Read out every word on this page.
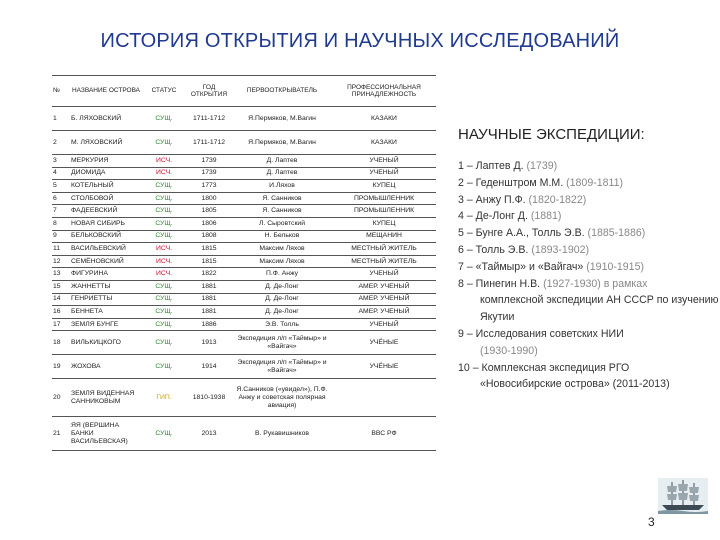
ИСТОРИЯ ОТКРЫТИЯ И НАУЧНЫХ ИССЛЕДОВАНИЙ
№	НАЗВАНИЕ ОСТРОВА	СТАТУС	ГОД ОТКРЫТИЯ	ПЕРВООТКРЫВАТЕЛЬ	ПРОФЕССИОНАЛЬНАЯ ПРИНАДЛЕЖНОСТЬ
1	Б. ЛЯХОВСКИЙ	СУЩ.	1711-1712	Я.Пермяков, М.Вагин	КАЗАКИ
2	М. ЛЯХОВСКИЙ	СУЩ.	1711-1712	Я.Пермяков, М.Вагин	КАЗАКИ
3	МЕРКУРИЯ	ИСЧ.	1739	Д. Лаптев	УЧЕНЫЙ
4	ДИОМИДА	ИСЧ.	1739	Д. Лаптев	УЧЕНЫЙ
5	КОТЕЛЬНЫЙ	СУЩ.	1773	И.Ляхов	КУПЕЦ
6	СТОЛБОВОЙ	СУЩ.	1800	Я. Санников	ПРОМЫШЛЕННИК
7	ФАДЕЕВСКИЙ	СУЩ.	1805	Я. Санников	ПРОМЫШЛЕННИК
8	НОВАЯ СИБИРЬ	СУЩ.	1806	Л. Сыровтский	КУПЕЦ
9	БЕЛЬКОВСКИЙ	СУЩ.	1808	Н. Бельков	МЕЩАНИН
11	ВАСИЛЬЕВСКИЙ	ИСЧ.	1815	Максим Ляхов	МЕСТНЫЙ ЖИТЕЛЬ
12	СЕМЁНОВСКИЙ	ИСЧ.	1815	Максим Ляхов	МЕСТНЫЙ ЖИТЕЛЬ
13	ФИГУРИНА	ИСЧ.	1822	П.Ф. Анжу	УЧЕНЫЙ
15	ЖАННЕТТЫ	СУЩ.	1881	Д. Де-Лонг	АМЕР. УЧЕНЫЙ
14	ГЕНРИЕТТЫ	СУЩ.	1881	Д. Де-Лонг	АМЕР. УЧЕНЫЙ
16	БЕННЕТА	СУЩ.	1881	Д. Де-Лонг	АМЕР. УЧЕНЫЙ
17	ЗЕМЛЯ БУНГЕ	СУЩ.	1886	Э.В. Толль	УЧЕНЫЙ
18	ВИЛЬКИЦКОГО	СУЩ.	1913	Экспедиция л/п «Таймыр» и «Вайгач»	УЧЁНЫЕ
19	ЖОХОВА	СУЩ.	1914	Экспедиция л/п «Таймыр» и «Вайгач»	УЧЁНЫЕ
20	ЗЕМЛЯ ВИДЕННАЯ САННИКОВЫМ	ГИП.	1810-1938	Я.Санников («увидел»), П.Ф. Анжу и советская полярная авиация)	
21	ЯЯ (ВЕРШИНА БАНКИ ВАСИЛЬЕВСКАЯ)	СУЩ.	2013	В. Рукавишников	ВВС РФ
НАУЧНЫЕ ЭКСПЕДИЦИИ:
1 – Лаптев Д. (1739)
2 – Геденштром М.М. (1809-1811)
3 – Анжу П.Ф. (1820-1822)
4 – Де-Лонг Д. (1881)
5 – Бунге А.А., Толль Э.В. (1885-1886)
6 – Толль Э.В. (1893-1902)
7 – «Таймыр» и «Вайгач» (1910-1915)
8 – Пинегин Н.В. (1927-1930) в рамках
комплексной экспедиции АН СССР по изучению Якутии
9 – Исследования советских НИИ
(1930-1990)
10 – Комплексная экспедиция РГО
«Новосибирские острова» (2011-2013)
3
